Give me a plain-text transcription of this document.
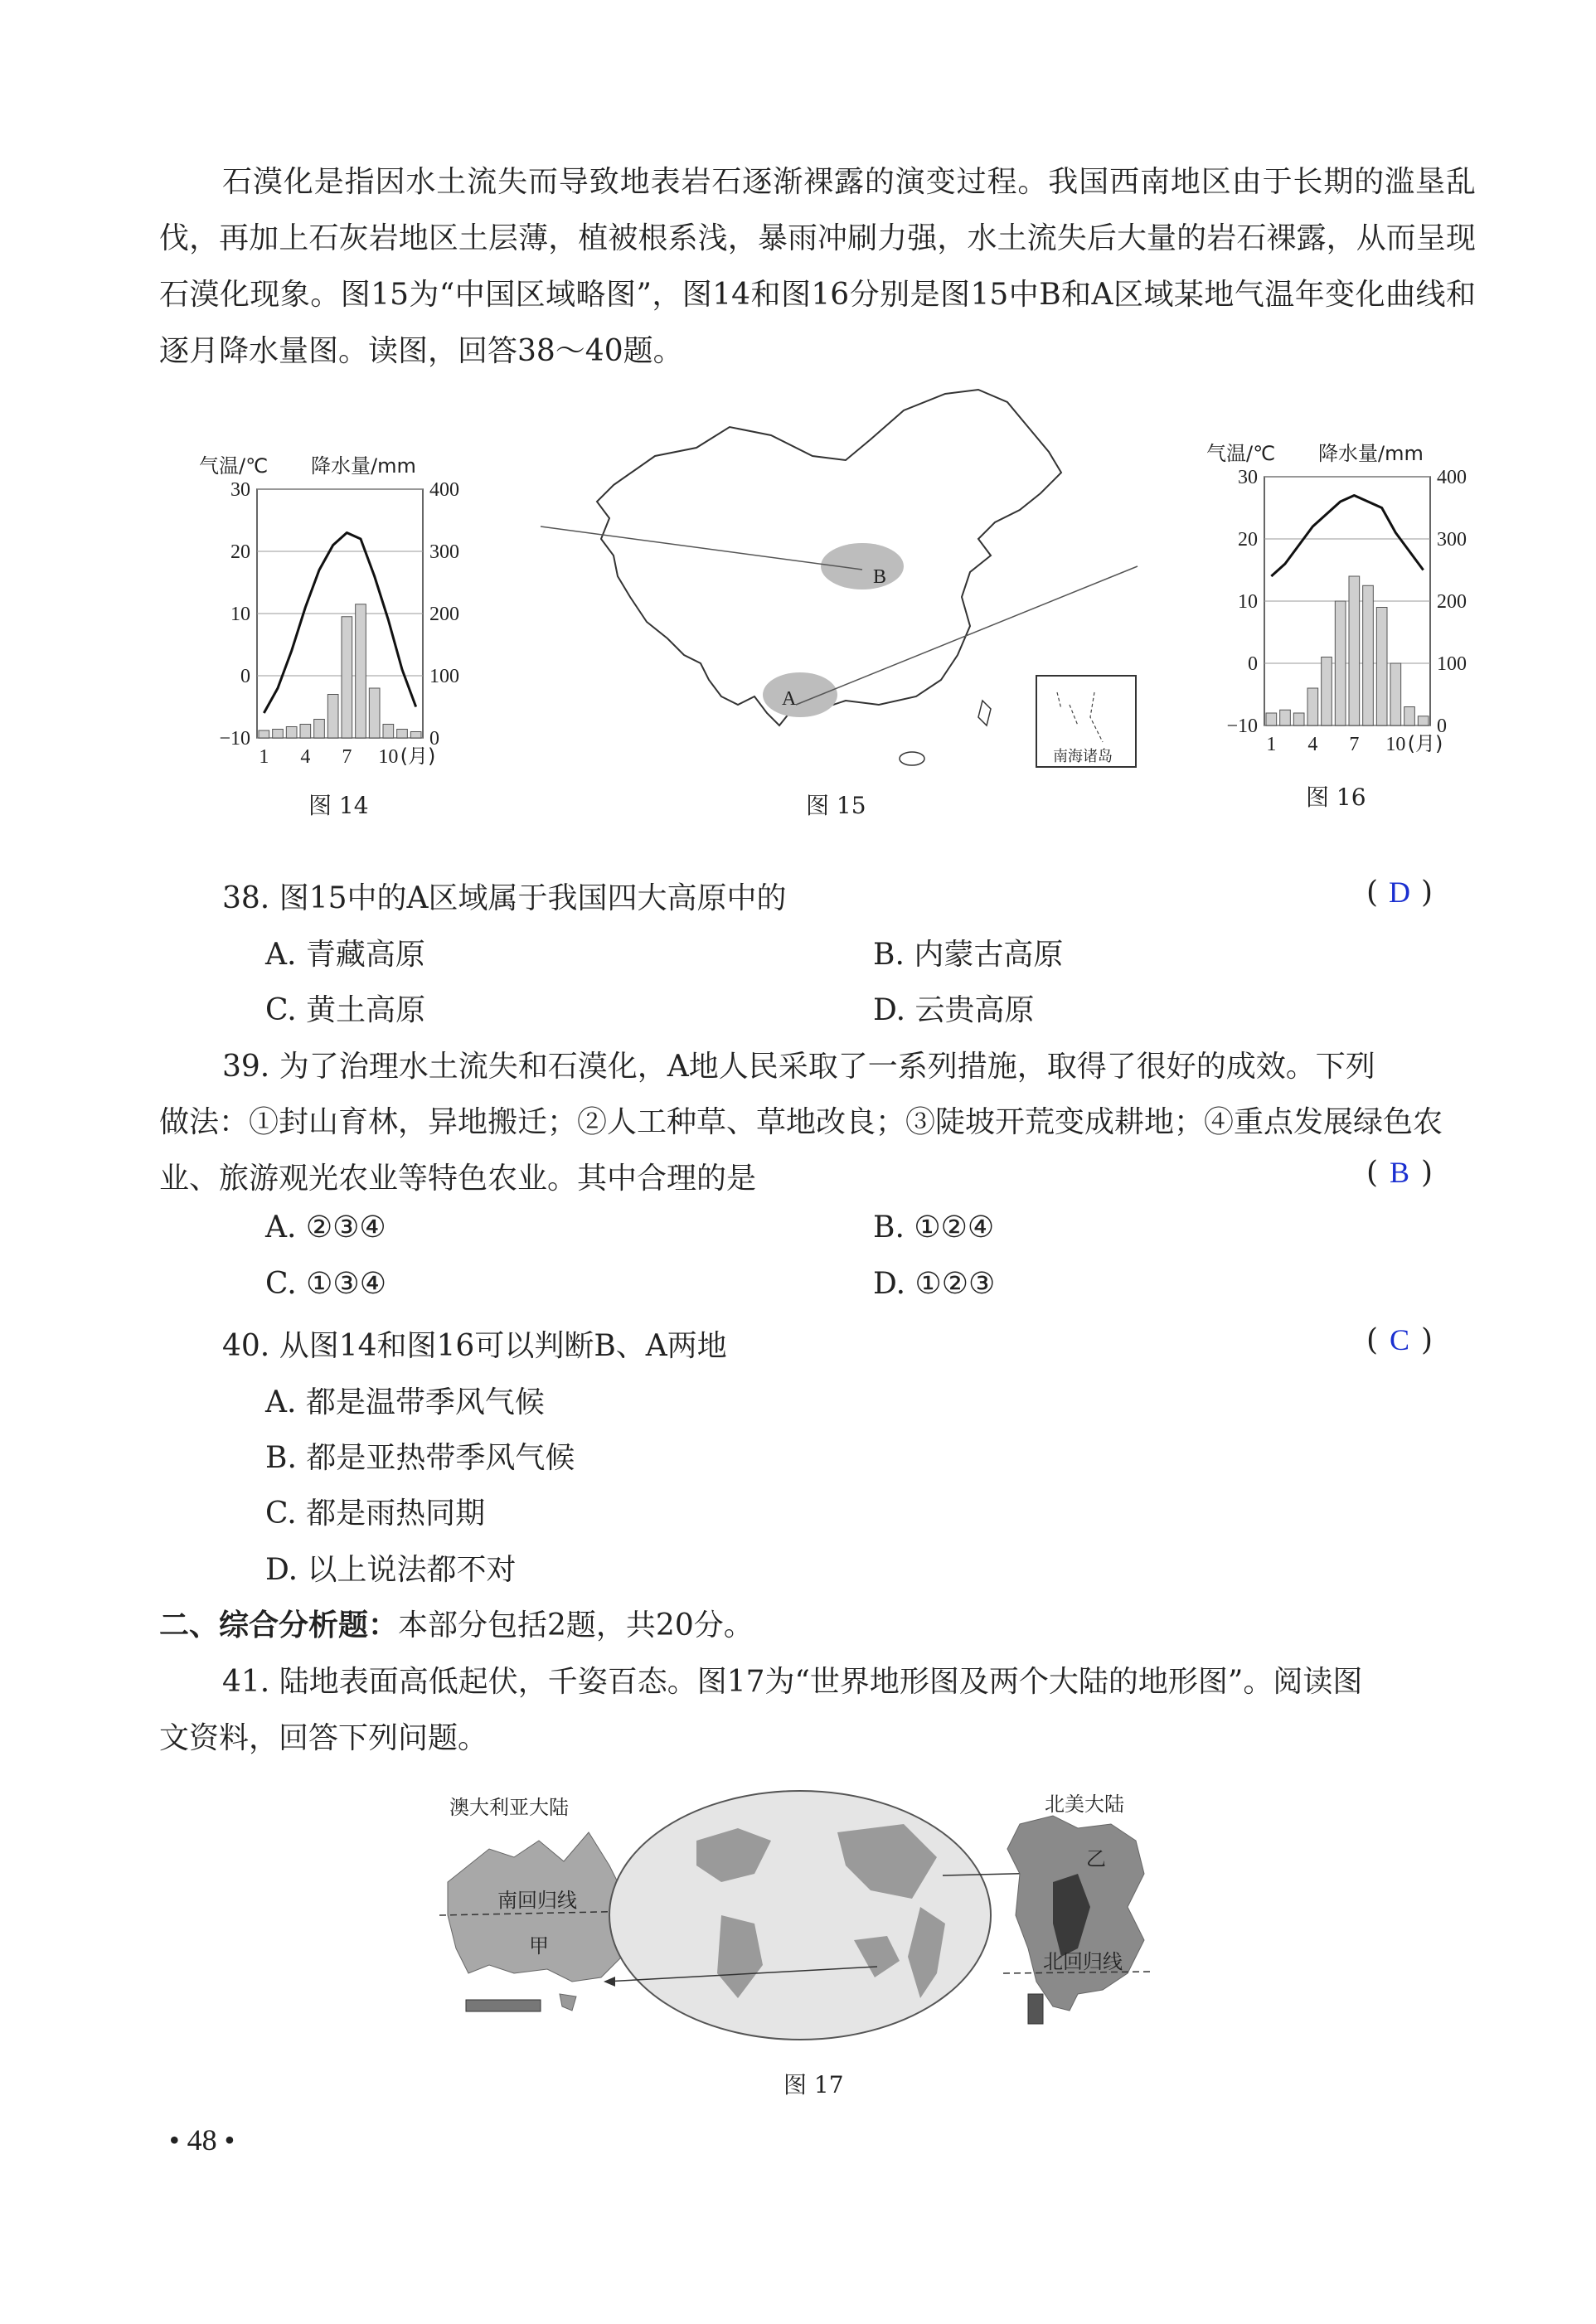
石漠化是指因水土流失而导致地表岩石逐渐裸露的演变过程。我国西南地区由于长期的滥垦乱伐，再加上石灰岩地区土层薄，植被根系浅，暴雨冲刷力强，水土流失后大量的岩石裸露，从而呈现石漠化现象。图15为“中国区域略图”，图14和图16分别是图15中B和A区域某地气温年变化曲线和逐月降水量图。读图，回答38～40题。

气温/℃ 降水量/mm
30	400
20	300
10	200
0	100
−10	0
1 4 7 10 (月)
图 14
B
A
南海诸岛
图 15
气温/℃ 降水量/mm
30	400
20	300
10	200
0	100
−10	0
1 4 7 10 (月)
图 16
38. 图15中的A区域属于我国四大高原中的	( D )
A. 青藏高原	B. 内蒙古高原
C. 黄土高原	D. 云贵高原
39. 为了治理水土流失和石漠化，A地人民采取了一系列措施，取得了很好的成效。下列
做法：①封山育林，异地搬迁；②人工种草、草地改良；③陡坡开荒变成耕地；④重点发展绿色农
业、旅游观光农业等特色农业。其中合理的是	( B )
A. ②③④	B. ①②④
C. ①③④	D. ①②③
40. 从图14和图16可以判断B、A两地	( C )
A. 都是温带季风气候
B. 都是亚热带季风气候
C. 都是雨热同期
D. 以上说法都不对
二、综合分析题：本部分包括2题，共20分。
41. 陆地表面高低起伏，千姿百态。图17为“世界地形图及两个大陆的地形图”。阅读图
文资料，回答下列问题。
澳大利亚大陆	北美大陆
南回归线
甲
乙
北回归线
图 17
• 48 •
